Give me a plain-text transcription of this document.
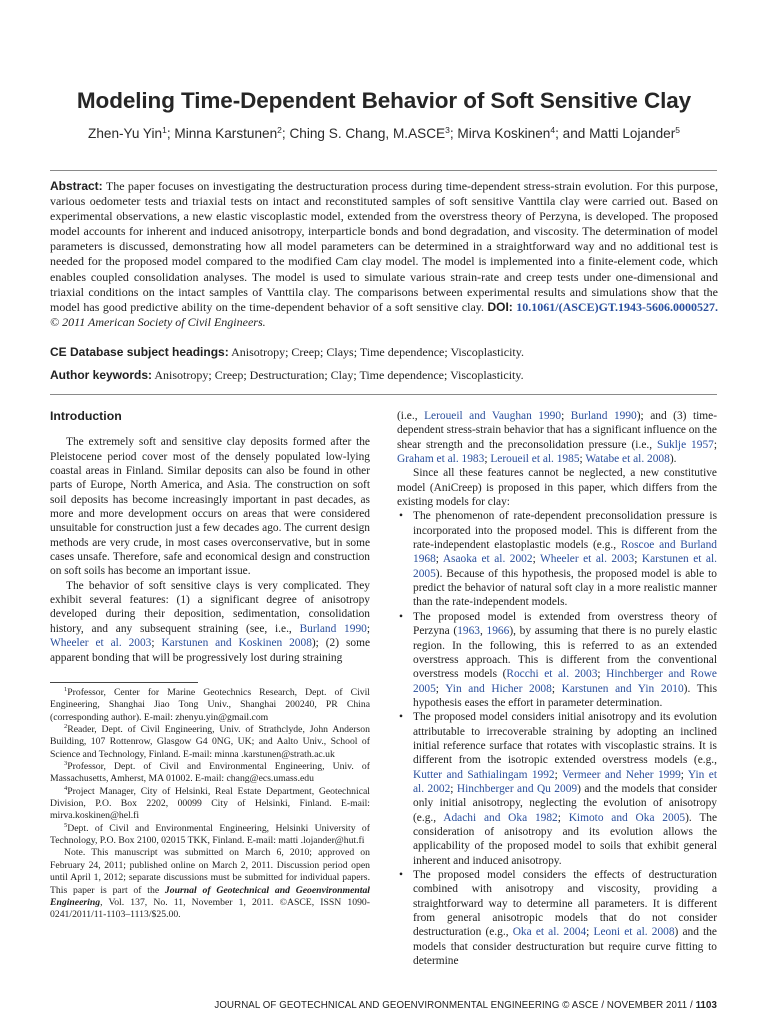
Modeling Time-Dependent Behavior of Soft Sensitive Clay
Zhen-Yu Yin$^1$; Minna Karstunen$^2$; Ching S. Chang, M.ASCE$^3$; Mirva Koskinen$^4$; and Matti Lojander$^5$
Abstract: The paper focuses on investigating the destructuration process during time-dependent stress-strain evolution. For this purpose, various oedometer tests and triaxial tests on intact and reconstituted samples of soft sensitive Vanttila clay were carried out. Based on experimental observations, a new elastic viscoplastic model, extended from the overstress theory of Perzyna, is developed. The proposed model accounts for inherent and induced anisotropy, interparticle bonds and bond degradation, and viscosity. The determination of model parameters is discussed, demonstrating how all model parameters can be determined in a straightforward way and no additional test is needed for the proposed model compared to the modified Cam clay model. The model is implemented into a finite-element code, which enables coupled consolidation analyses. The model is used to simulate various strain-rate and creep tests under one-dimensional and triaxial conditions on the intact samples of Vanttila clay. The comparisons between experimental results and simulations show that the model has good predictive ability on the time-dependent behavior of a soft sensitive clay. DOI: 10.1061/(ASCE)GT.1943-5606.0000527. © 2011 American Society of Civil Engineers.
CE Database subject headings: Anisotropy; Creep; Clays; Time dependence; Viscoplasticity.
Author keywords: Anisotropy; Creep; Destructuration; Clay; Time dependence; Viscoplasticity.
Introduction

The extremely soft and sensitive clay deposits formed after the Pleistocene period cover most of the densely populated low-lying coastal areas in Finland. Similar deposits can also be found in other parts of Europe, North America, and Asia. The construction on soft soil deposits has become increasingly important in past decades, as more and more development occurs on areas that were considered unsuitable for construction just a few decades ago. The current design methods are very crude, in most cases overconservative, but in some cases unsafe. Therefore, safe and economical design and construction on soft soils has become an important issue.

The behavior of soft sensitive clays is very complicated. They exhibit several features: (1) a significant degree of anisotropy developed during their deposition, sedimentation, consolidation history, and any subsequent straining (see, i.e., Burland 1990; Wheeler et al. 2003; Karstunen and Koskinen 2008); (2) some apparent bonding that will be progressively lost during straining

$^1$Professor, Center for Marine Geotechnics Research, Dept. of Civil Engineering, Shanghai Jiao Tong Univ., Shanghai 200240, PR China (corresponding author). E-mail: zhenyu.yin@gmail.com

$^2$Reader, Dept. of Civil Engineering, Univ. of Strathclyde, John Anderson Building, 107 Rottenrow, Glasgow G4 0NG, UK; and Aalto Univ., School of Science and Technology, Finland. E-mail: minna .karstunen@strath.ac.uk

$^3$Professor, Dept. of Civil and Environmental Engineering, Univ. of Massachusetts, Amherst, MA 01002. E-mail: chang@ecs.umass.edu

$^4$Project Manager, City of Helsinki, Real Estate Department, Geotechnical Division, P.O. Box 2202, 00099 City of Helsinki, Finland. E-mail: mirva.koskinen@hel.fi

$^5$Dept. of Civil and Environmental Engineering, Helsinki University of Technology, P.O. Box 2100, 02015 TKK, Finland. E-mail: matti .lojander@hut.fi

Note. This manuscript was submitted on March 6, 2010; approved on February 24, 2011; published online on March 2, 2011. Discussion period open until April 1, 2012; separate discussions must be submitted for individual papers. This paper is part of the Journal of Geotechnical and Geoenvironmental Engineering, Vol. 137, No. 11, November 1, 2011. ©ASCE, ISSN 1090-0241/2011/11-1103–1113/$25.00.

(i.e., Leroueil and Vaughan 1990; Burland 1990); and (3) time-dependent stress-strain behavior that has a significant influence on the shear strength and the preconsolidation pressure (i.e., Suklje 1957; Graham et al. 1983; Leroueil et al. 1985; Watabe et al. 2008).

Since all these features cannot be neglected, a new constitutive model (AniCreep) is proposed in this paper, which differs from the existing models for clay:

• The phenomenon of rate-dependent preconsolidation pressure is incorporated into the proposed model. This is different from the rate-independent elastoplastic models (e.g., Roscoe and Burland 1968; Asaoka et al. 2002; Wheeler et al. 2003; Karstunen et al. 2005). Because of this hypothesis, the proposed model is able to predict the behavior of natural soft clay in a more realistic manner than the rate-independent models.
• The proposed model is extended from overstress theory of Perzyna (1963, 1966), by assuming that there is no purely elastic region. In the following, this is referred to as an extended overstress approach. This is different from the conventional overstress models (Rocchi et al. 2003; Hinchberger and Rowe 2005; Yin and Hicher 2008; Karstunen and Yin 2010). This hypothesis eases the effort in parameter determination.
• The proposed model considers initial anisotropy and its evolution attributable to irrecoverable straining by adopting an inclined initial reference surface that rotates with viscoplastic strains. It is different from the isotropic extended overstress models (e.g., Kutter and Sathialingam 1992; Vermeer and Neher 1999; Yin et al. 2002; Hinchberger and Qu 2009) and the models that consider only initial anisotropy, neglecting the evolution of anisotropy (e.g., Adachi and Oka 1982; Kimoto and Oka 2005). The consideration of anisotropy and its evolution allows the applicability of the proposed model to soils that exhibit general inherent and induced anisotropy.
• The proposed model considers the effects of destructuration combined with anisotropy and viscosity, providing a straightforward way to determine all parameters. It is different from general anisotropic models that do not consider destructuration (e.g., Oka et al. 2004; Leoni et al. 2008) and the models that consider destructuration but require curve fitting to determine
JOURNAL OF GEOTECHNICAL AND GEOENVIRONMENTAL ENGINEERING © ASCE / NOVEMBER 2011 / 1103
